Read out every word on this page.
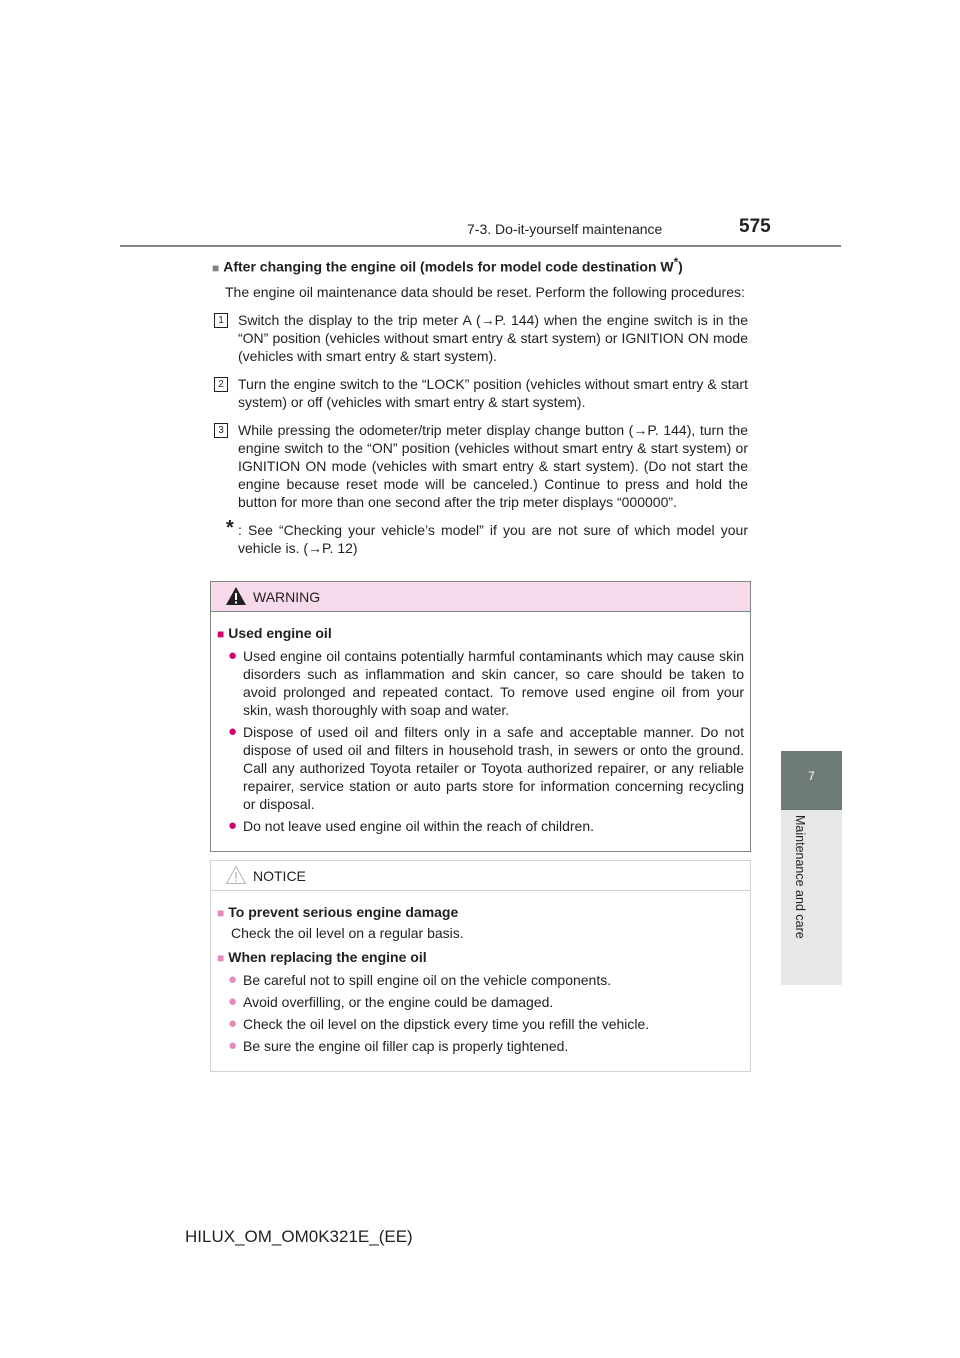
7-3. Do-it-yourself maintenance	575
7
Maintenance and care
■ After changing the engine oil (models for model code destination W*)
The engine oil maintenance data should be reset. Perform the following procedures:
1	Switch the display to the trip meter A (→P. 144) when the engine switch is in the “ON” position (vehicles without smart entry & start system) or IGNITION ON mode (vehicles with smart entry & start system).
2	Turn the engine switch to the “LOCK” position (vehicles without smart entry & start system) or off (vehicles with smart entry & start system).
3	While pressing the odometer/trip meter display change button (→P. 144), turn the engine switch to the “ON” position (vehicles without smart entry & start system) or IGNITION ON mode (vehicles with smart entry & start system). (Do not start the engine because reset mode will be canceled.) Continue to press and hold the button for more than one second after the trip meter displays “000000”.
* : See “Checking your vehicle’s model” if you are not sure of which model your vehicle is. (→P. 12)
WARNING
■ Used engine oil
● Used engine oil contains potentially harmful contaminants which may cause skin disorders such as inflammation and skin cancer, so care should be taken to avoid prolonged and repeated contact. To remove used engine oil from your skin, wash thoroughly with soap and water.
● Dispose of used oil and filters only in a safe and acceptable manner. Do not dispose of used oil and filters in household trash, in sewers or onto the ground. Call any authorized Toyota retailer or Toyota authorized repairer, or any reliable repairer, service station or auto parts store for information concerning recycling or disposal.
● Do not leave used engine oil within the reach of children.
NOTICE
■ To prevent serious engine damage
Check the oil level on a regular basis.
■ When replacing the engine oil
● Be careful not to spill engine oil on the vehicle components.
● Avoid overfilling, or the engine could be damaged.
● Check the oil level on the dipstick every time you refill the vehicle.
● Be sure the engine oil filler cap is properly tightened.
HILUX_OM_OM0K321E_(EE)
